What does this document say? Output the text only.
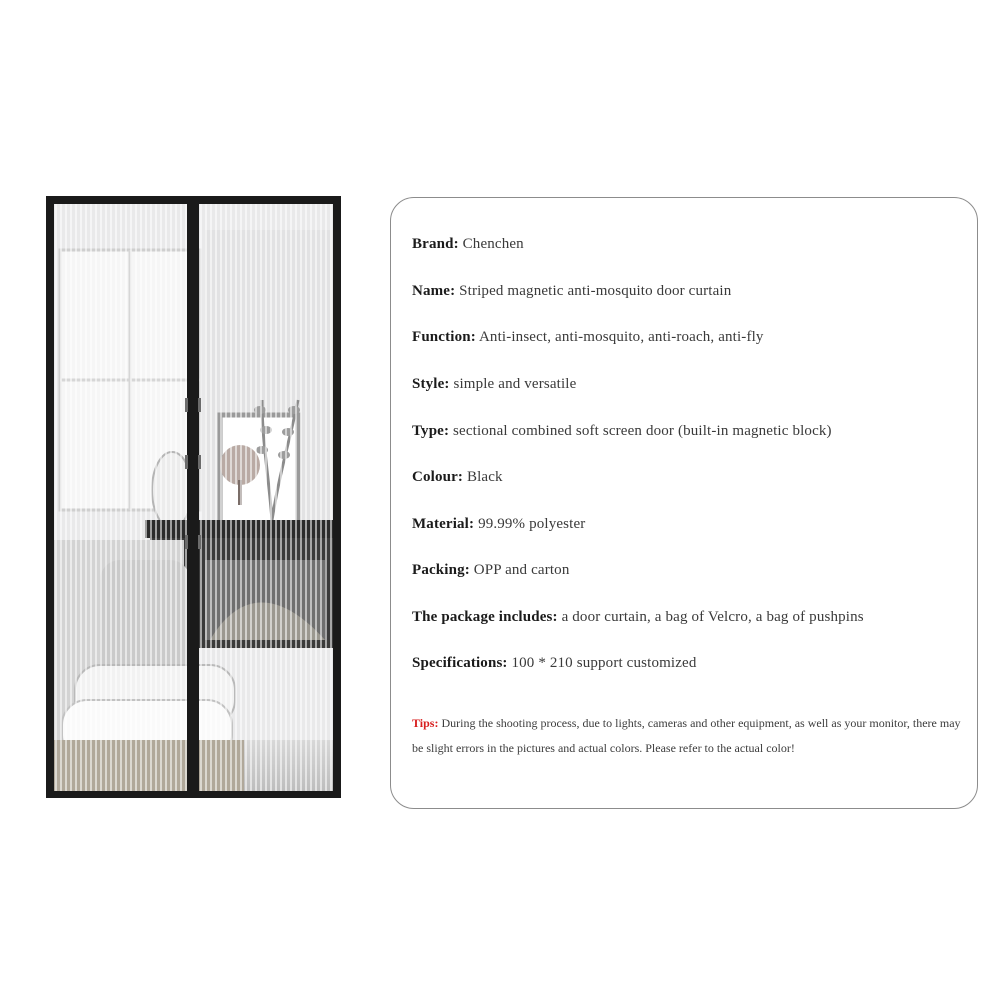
Brand: Chenchen
Name: Striped magnetic anti-mosquito door curtain
Function: Anti-insect, anti-mosquito, anti-roach, anti-fly
Style: simple and versatile
Type: sectional combined soft screen door (built-in magnetic block)
Colour: Black
Material: 99.99% polyester
Packing: OPP and carton
The package includes: a door curtain, a bag of Velcro, a bag of pushpins
Specifications: 100 * 210 support customized
Tips: During the shooting process, due to lights, cameras and other equipment, as well as your monitor, there may be slight errors in the pictures and actual colors. Please refer to the actual color!
